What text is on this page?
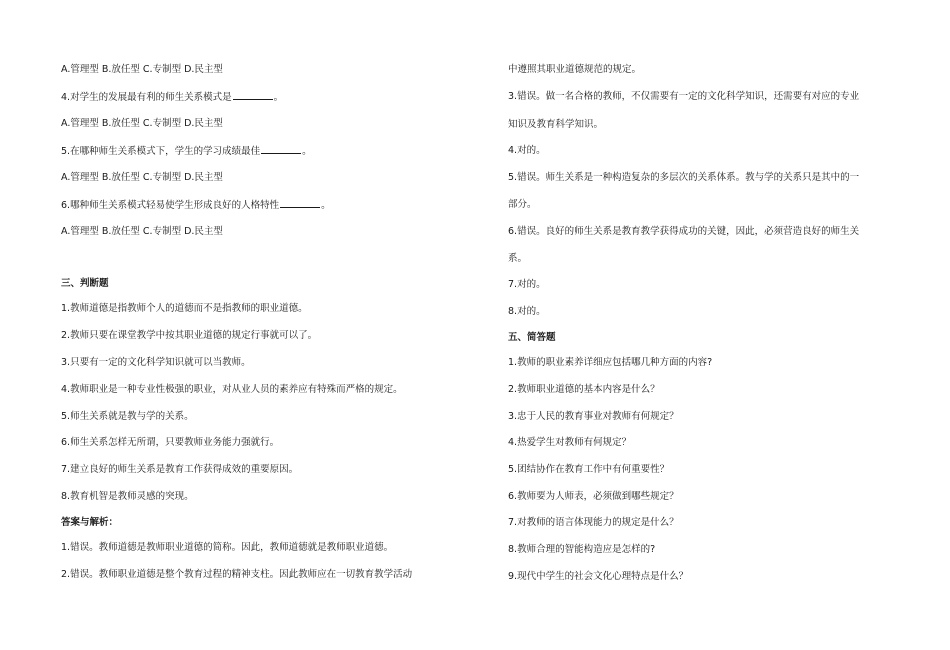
A.管理型 B.放任型 C.专制型 D.民主型
4.对学生的发展最有利的师生关系模式是	。
A.管理型 B.放任型 C.专制型 D.民主型
5.在哪种师生关系模式下，学生的学习成绩最佳	。
A.管理型 B.放任型 C.专制型 D.民主型
6.哪种师生关系模式轻易使学生形成良好的人格特性	。
A.管理型 B.放任型 C.专制型 D.民主型
三、判断题
1.教师道德是指教师个人的道德而不是指教师的职业道德。
2.教师只要在课堂教学中按其职业道德的规定行事就可以了。
3.只要有一定的文化科学知识就可以当教师。
4.教师职业是一种专业性极强的职业，对从业人员的素养应有特殊而严格的规定。
5.师生关系就是教与学的关系。
6.师生关系怎样无所谓，只要教师业务能力强就行。
7.建立良好的师生关系是教育工作获得成效的重要原因。
8.教育机智是教师灵感的突现。
答案与解析：
1.错误。教师道德是教师职业道德的简称。因此，教师道德就是教师职业道德。
2.错误。教师职业道德是整个教育过程的精神支柱。因此教师应在一切教育教学活动
中遵照其职业道德规范的规定。
3.错误。做一名合格的教师，不仅需要有一定的文化科学知识，还需要有对应的专业
知识及教育科学知识。
4.对的。
5.错误。师生关系是一种构造复杂的多层次的关系体系。教与学的关系只是其中的一
部分。
6.错误。良好的师生关系是教育教学获得成功的关键，因此，必须营造良好的师生关
系。
7.对的。
8.对的。
五、简答题
1.教师的职业素养详细应包括哪几种方面的内容?
2.教师职业道德的基本内容是什么？
3.忠于人民的教育事业对教师有何规定？
4.热爱学生对教师有何规定？
5.团结协作在教育工作中有何重要性？
6.教师要为人师表，必须做到哪些规定？
7.对教师的语言体现能力的规定是什么？
8.教师合理的智能构造应是怎样的?
9.现代中学生的社会文化心理特点是什么？
